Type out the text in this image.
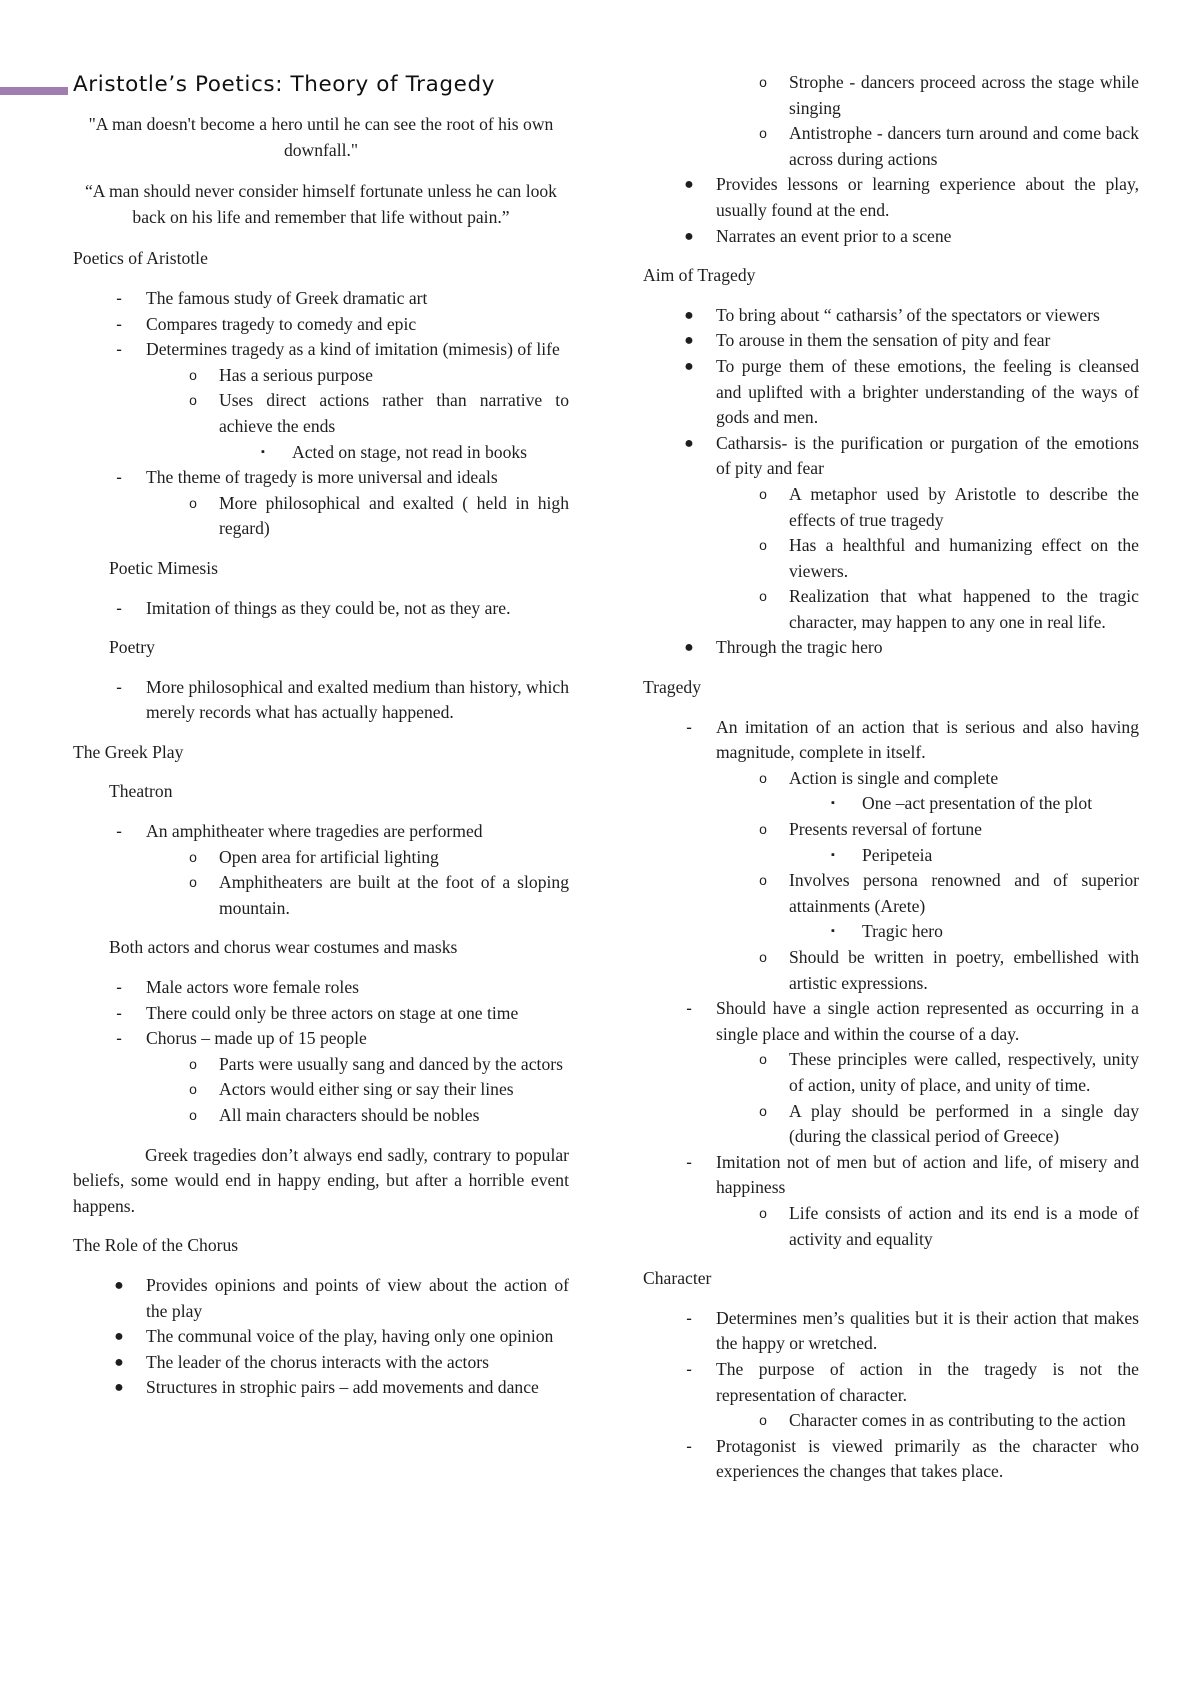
Aristotle’s Poetics: Theory of Tragedy

"A man doesn't become a hero until he can see the root of his own downfall."

“A man should never consider himself fortunate unless he can look back on his life and remember that life without pain.”

Poetics of Aristotle

-	The famous study of Greek dramatic art
-	Compares tragedy to comedy and epic
-	Determines tragedy as a kind of imitation (mimesis) of life
o	Has a serious purpose
o	Uses direct actions rather than narrative to achieve the ends
▪	Acted on stage, not read in books
-	The theme of tragedy is more universal and ideals
o	More philosophical and exalted ( held in high regard)

Poetic Mimesis

-	Imitation of things as they could be, not as they are.

Poetry

-	More philosophical and exalted medium than history, which merely records what has actually happened.

The Greek Play

Theatron

-	An amphitheater where tragedies are performed
o	Open area for artificial lighting
o	Amphitheaters are built at the foot of a sloping mountain.

Both actors and chorus wear costumes and masks

-	Male actors wore female roles
-	There could only be three actors on stage at one time
-	Chorus – made up of 15 people
o	Parts were usually sang and danced by the actors
o	Actors would either sing or say their lines
o	All main characters should be nobles

Greek tragedies don’t always end sadly, contrary to popular beliefs, some would end in happy ending, but after a horrible event happens.

The Role of the Chorus

● Provides opinions and points of view about the action of the play
● The communal voice of the play, having only one opinion
● The leader of the chorus interacts with the actors
● Structures in strophic pairs – add movements and dance
o	Strophe - dancers proceed across the stage while singing
o	Antistrophe - dancers turn around and come back across during actions
● Provides lessons or learning experience about the play, usually found at the end.
● Narrates an event prior to a scene

Aim of Tragedy

● To bring about “ catharsis’ of the spectators or viewers
● To arouse in them the sensation of pity and fear
● To purge them of these emotions, the feeling is cleansed and uplifted with a brighter understanding of the ways of gods and men.
● Catharsis- is the purification or purgation of the emotions of pity and fear
o	A metaphor used by Aristotle to describe the effects of true tragedy
o	Has a healthful and humanizing effect on the viewers.
o	Realization that what happened to the tragic character, may happen to any one in real life.
● Through the tragic hero

Tragedy

-	An imitation of an action that is serious and also having magnitude, complete in itself.
o	Action is single and complete
▪	One –act presentation of the plot
o	Presents reversal of fortune
▪	Peripeteia
o	Involves persona renowned and of superior attainments (Arete)
▪	Tragic hero
o	Should be written in poetry, embellished with artistic expressions.
-	Should have a single action represented as occurring in a single place and within the course of a day.
o	These principles were called, respectively, unity of action, unity of place, and unity of time.
o	A play should be performed in a single day (during the classical period of Greece)
-	Imitation not of men but of action and life, of misery and happiness
o	Life consists of action and its end is a mode of activity and equality

Character

-	Determines men’s qualities but it is their action that makes the happy or wretched.
-	The purpose of action in the tragedy is not the representation of character.
o	Character comes in as contributing to the action
-	Protagonist is viewed primarily as the character who experiences the changes that takes place.
